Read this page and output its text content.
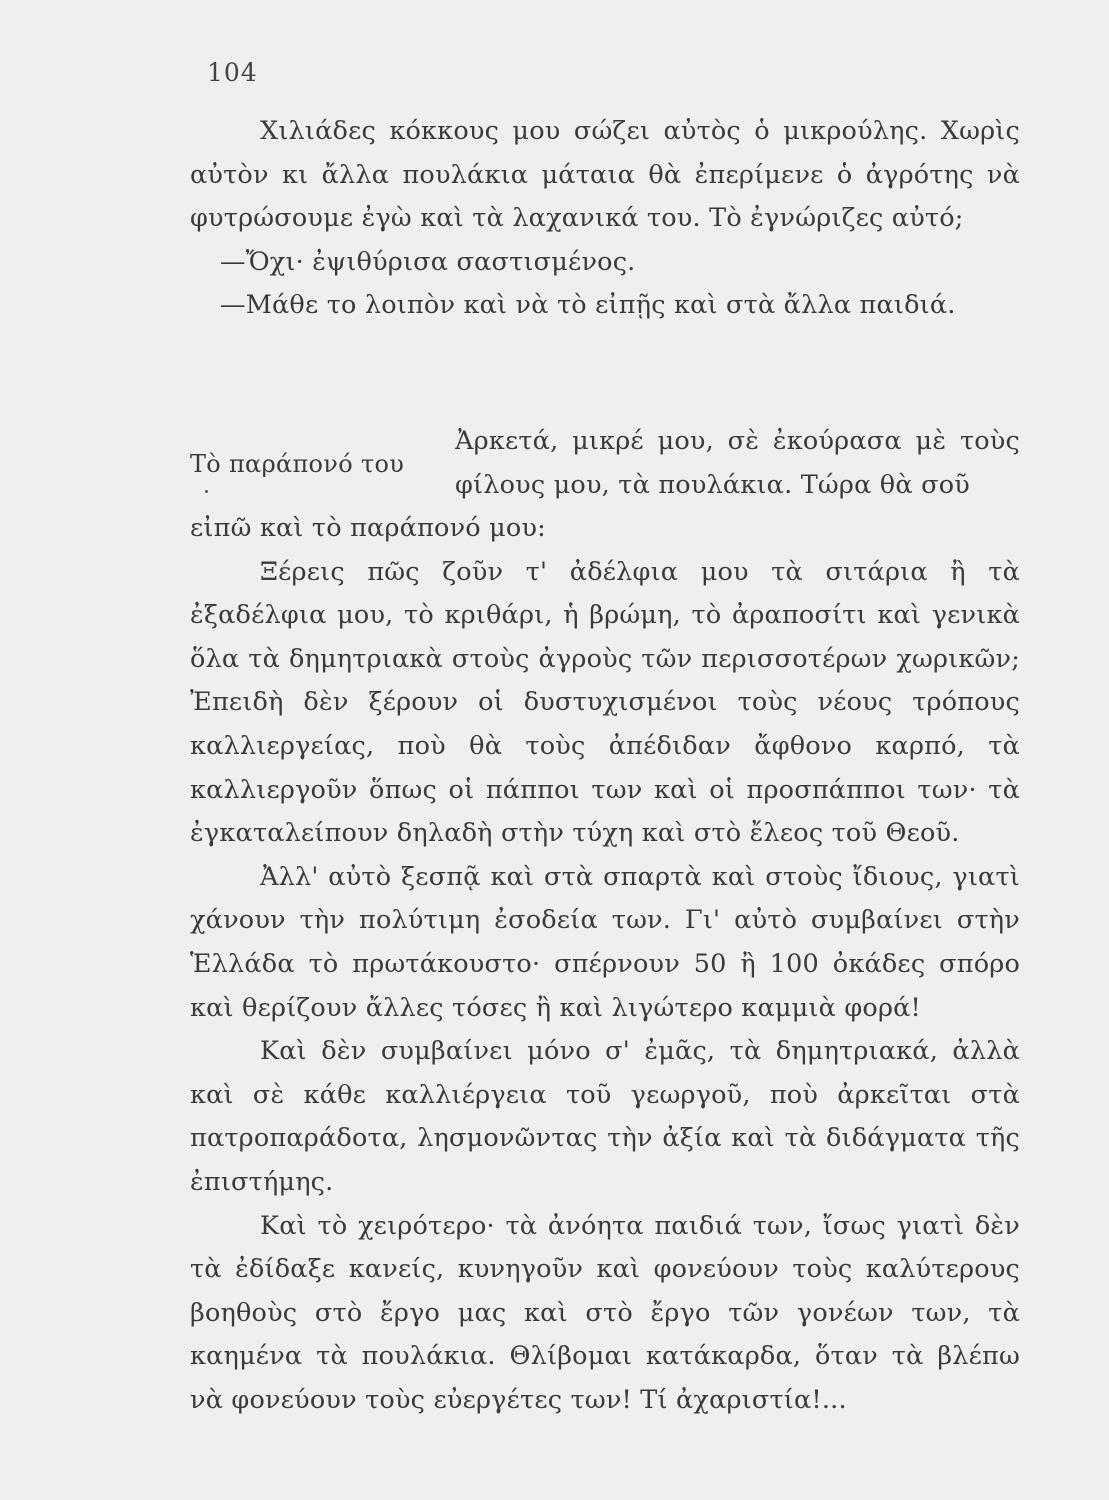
104

Χιλιάδες κόκκους μου σώζει αὐτὸς ὁ μικρούλης. Χωρὶς αὐτὸν κι ἄλλα πουλάκια μάταια θὰ ἐπερίμενε ὁ ἀγρότης νὰ φυτρώσουμε ἐγὼ καὶ τὰ λαχανικά του. Τὸ ἐγνώριζες αὐτό;

—Ὄχι· ἐψιθύρισα σαστισμένος.

—Μάθε το λοιπὸν καὶ νὰ τὸ εἰπῇς καὶ στὰ ἄλλα παιδιά.

Τὸ παράπονό του

Ἀρκετά, μικρέ μου, σὲ ἐκούρασα μὲ τοὺς φίλους μου, τὰ πουλάκια. Τώρα θὰ σοῦ

εἰπῶ καὶ τὸ παράπονό μου:

Ξέρεις πῶς ζοῦν τ' ἀδέλφια μου τὰ σιτάρια ἢ τὰ ἐξαδέλφια μου, τὸ κριθάρι, ἡ βρώμη, τὸ ἀραποσίτι καὶ γενικὰ ὅλα τὰ δημητριακὰ στοὺς ἀγροὺς τῶν περισσοτέρων χωρικῶν; Ἐπειδὴ δὲν ξέρουν οἱ δυστυχισμένοι τοὺς νέους τρόπους καλλιεργείας, ποὺ θὰ τοὺς ἀπέδιδαν ἄφθονο καρπό, τὰ καλλιεργοῦν ὅπως οἱ πάπποι των καὶ οἱ προσπάπποι των· τὰ ἐγκαταλείπουν δηλαδὴ στὴν τύχη καὶ στὸ ἔλεος τοῦ Θεοῦ.

Ἀλλ' αὐτὸ ξεσπᾷ καὶ στὰ σπαρτὰ καὶ στοὺς ἴδιους, γιατὶ χάνουν τὴν πολύτιμη ἐσοδεία των. Γι' αὐτὸ συμβαίνει στὴν Ἑλλάδα τὸ πρωτάκουστο· σπέρνουν 50 ἢ 100 ὀκάδες σπόρο καὶ θερίζουν ἄλλες τόσες ἢ καὶ λιγώτερο καμμιὰ φορά!

Καὶ δὲν συμβαίνει μόνο σ' ἐμᾶς, τὰ δημητριακά, ἀλλὰ καὶ σὲ κάθε καλλιέργεια τοῦ γεωργοῦ, ποὺ ἀρκεῖται στὰ πατροπαράδοτα, λησμονῶντας τὴν ἀξία καὶ τὰ διδάγματα τῆς ἐπιστήμης.

Καὶ τὸ χειρότερο· τὰ ἀνόητα παιδιά των, ἴσως γιατὶ δὲν τὰ ἐδίδαξε κανείς, κυνηγοῦν καὶ φονεύουν τοὺς καλύτερους βοηθοὺς στὸ ἔργο μας καὶ στὸ ἔργο τῶν γονέων των, τὰ καημένα τὰ πουλάκια. Θλίβομαι κατάκαρδα, ὅταν τὰ βλέπω νὰ φονεύουν τοὺς εὐεργέτες των! Τί ἀχαριστία!...
